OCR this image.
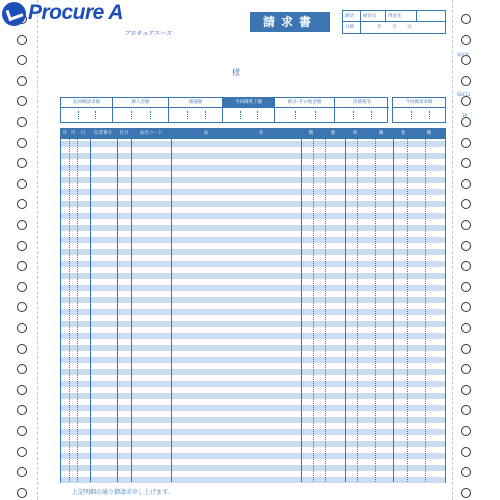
Procure A
プロキュアエース
請求書	締切	締切日	得意先
日締	年 月 日
様
前回御請求額	御入金額	繰越額	今回御買上額	値引･その他金額	消費税等	今回御請求額
年 月	日	伝票番号	区分	品名コード	品	名	数	量	単	価	金	額
上記明細の通り御請求申し上げます。
請求書
SOC11
3P
